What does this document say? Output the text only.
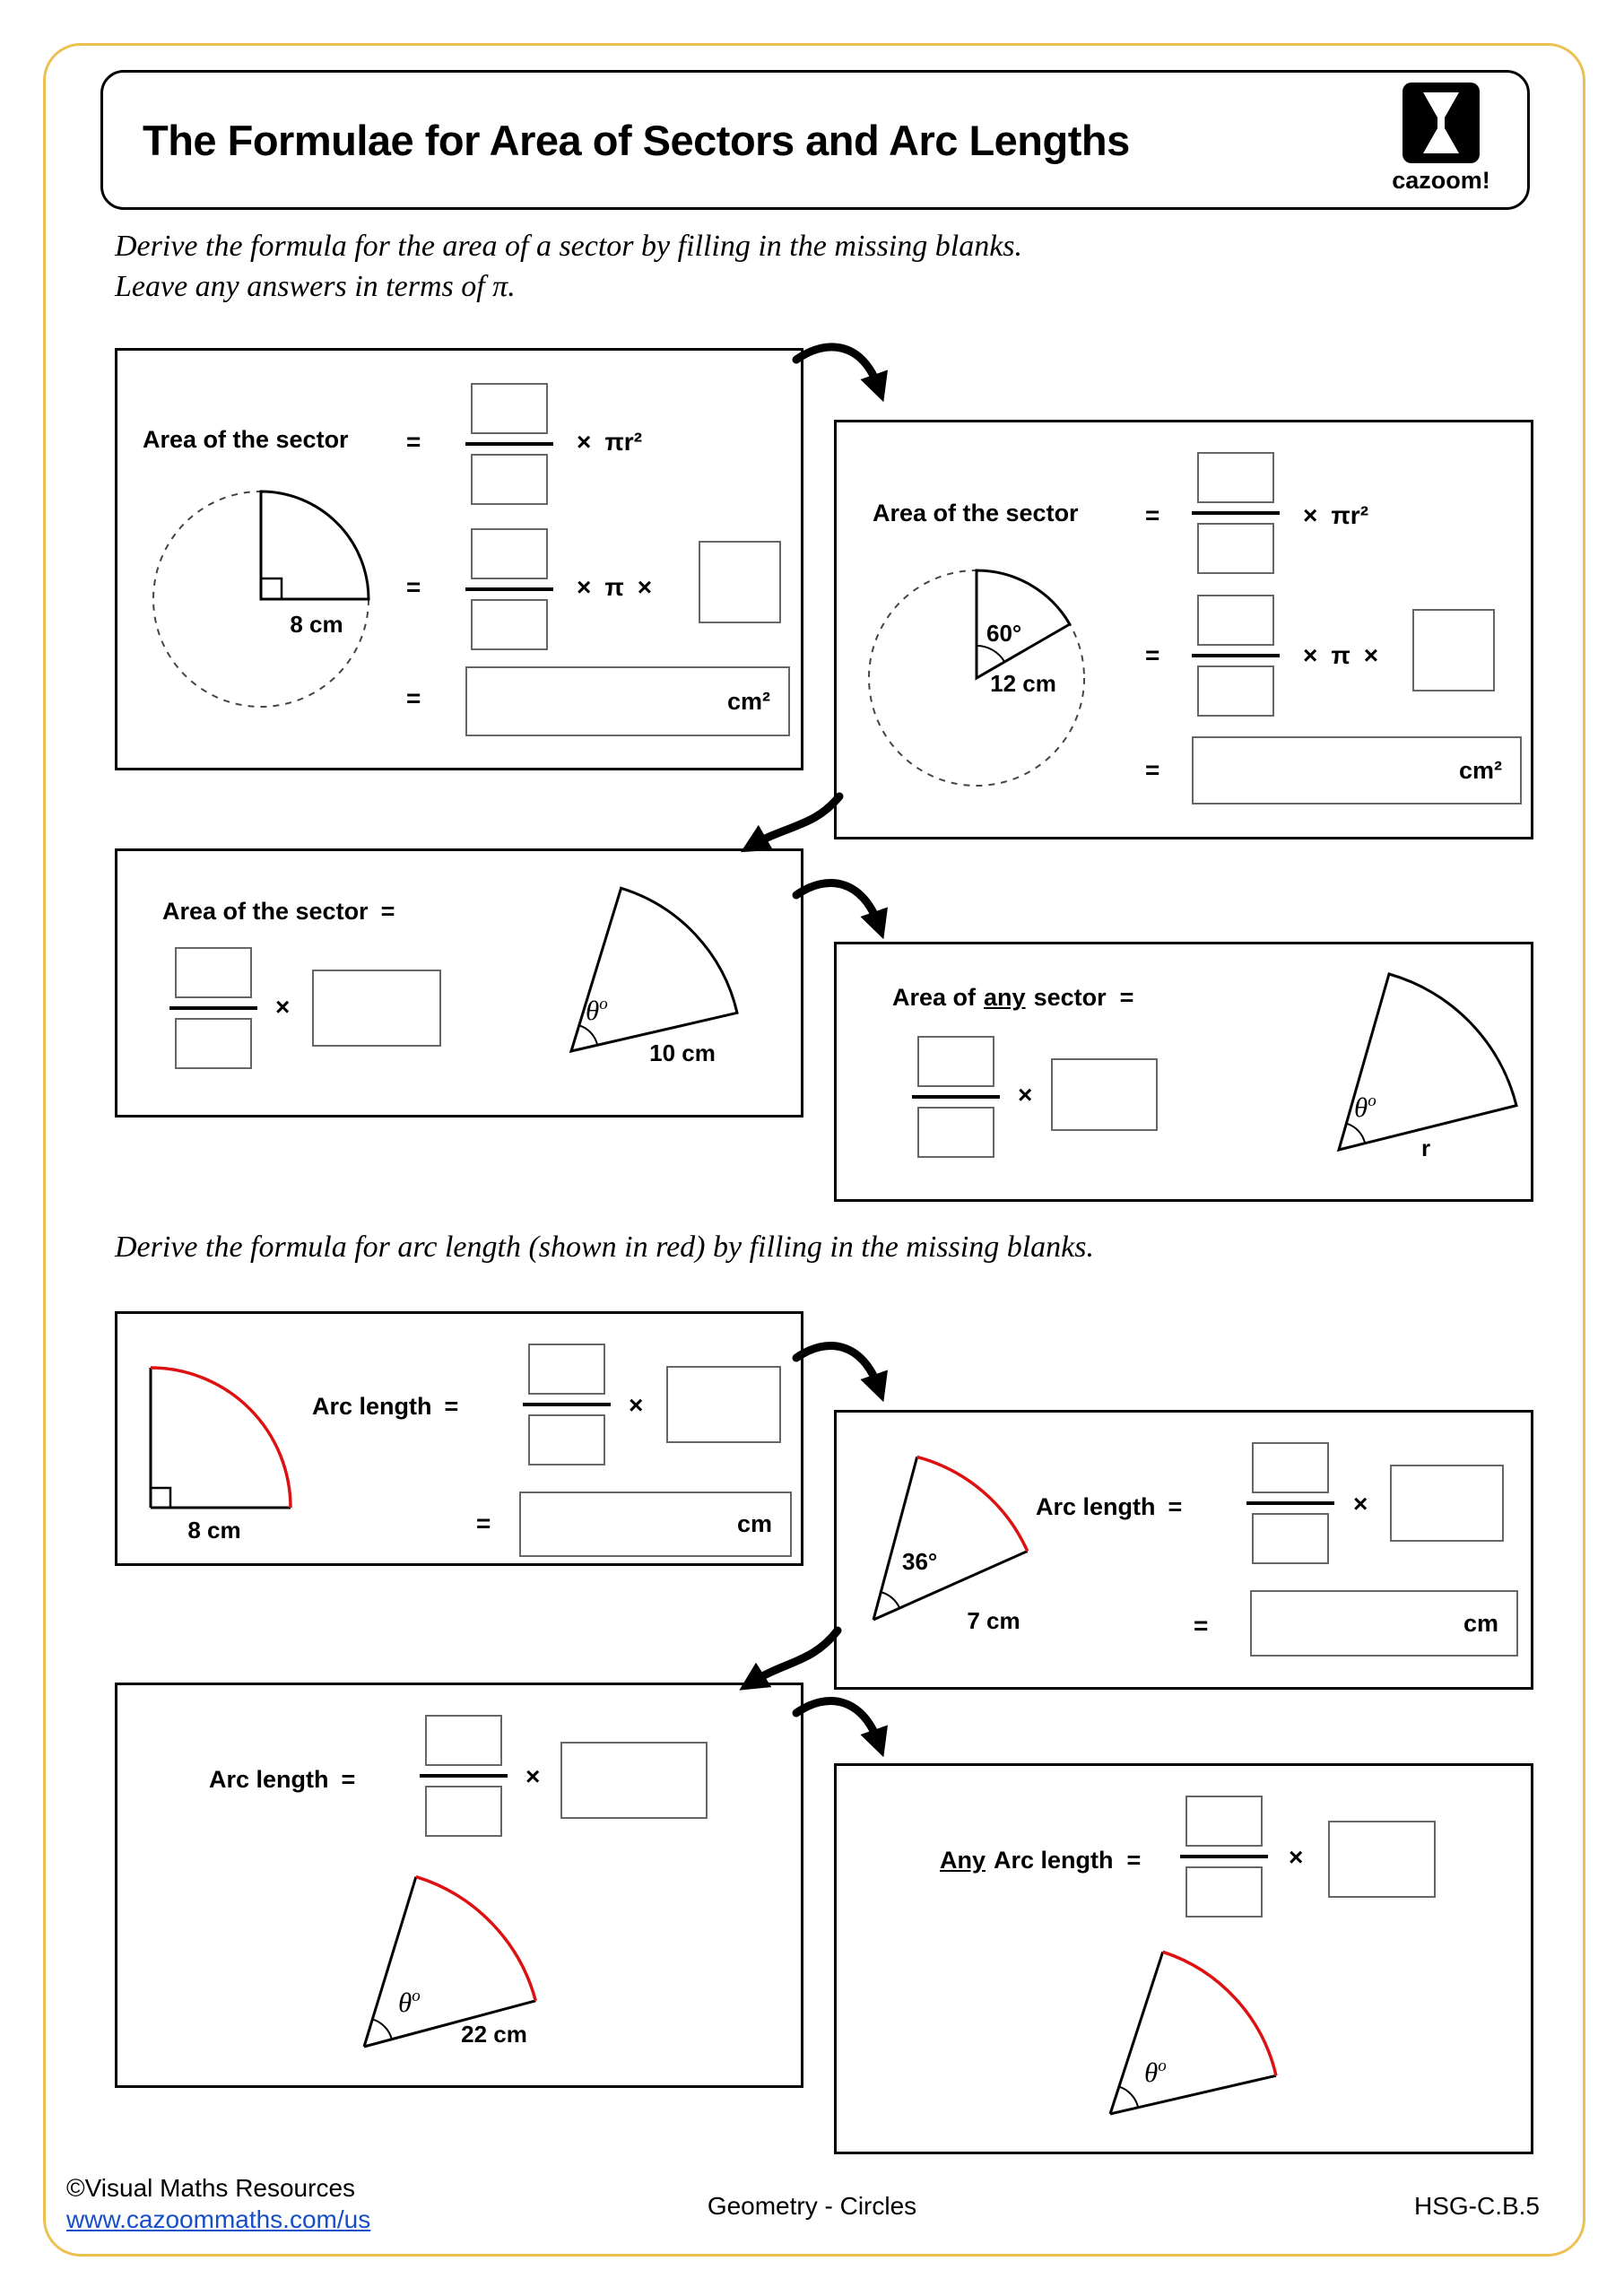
The Formulae for Area of Sectors and Arc Lengths
cazoom!
Derive the formula for the area of a sector by filling in the missing blanks.
Leave any answers in terms of π.
Area of the sector =	× πr²
8 cm
=	× π ×
=	cm²
Area of the sector	=	× πr²
60°
12 cm
=	× π ×
=	cm²
Area of the sector =
×	$\theta^o$
10 cm
Area of any sector =
×	$\theta^o$
r
Derive the formula for arc length (shown in red) by filling in the missing blanks.
8 cm
Arc length =	×
=	cm
36°
7 cm
Arc length =	×
=	cm
Arc length =	×
$\theta^o$
22 cm
Any Arc length =	×
$\theta^o$
©Visual Maths Resources
www.cazoommaths.com/us	Geometry - Circles	HSG-C.B.5
